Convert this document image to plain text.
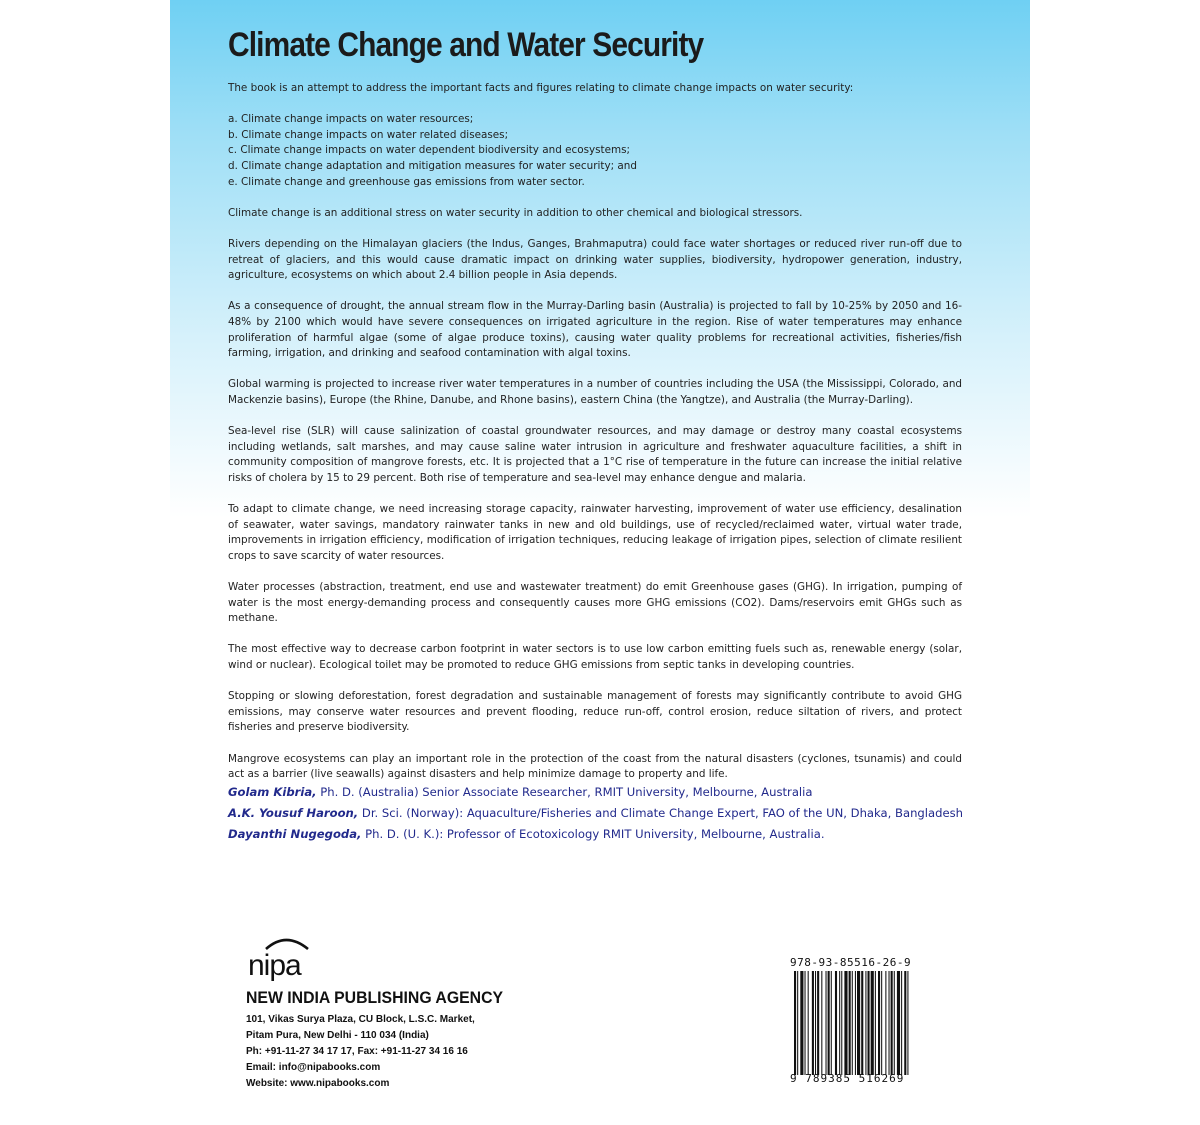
Climate Change and Water Security

The book is an attempt to address the important facts and figures relating to climate change impacts on water security:

a. Climate change impacts on water resources;
b. Climate change impacts on water related diseases;
c. Climate change impacts on water dependent biodiversity and ecosystems;
d. Climate change adaptation and mitigation measures for water security; and
e. Climate change and greenhouse gas emissions from water sector.

Climate change is an additional stress on water security in addition to other chemical and biological stressors.

Rivers depending on the Himalayan glaciers (the Indus, Ganges, Brahmaputra) could face water shortages or reduced river run-off due to retreat of glaciers, and this would cause dramatic impact on drinking water supplies, biodiversity, hydropower generation, industry, agriculture, ecosystems on which about 2.4 billion people in Asia depends.

As a consequence of drought, the annual stream flow in the Murray-Darling basin (Australia) is projected to fall by 10-25% by 2050 and 16-48% by 2100 which would have severe consequences on irrigated agriculture in the region. Rise of water temperatures may enhance proliferation of harmful algae (some of algae produce toxins), causing water quality problems for recreational activities, fisheries/fish farming, irrigation, and drinking and seafood contamination with algal toxins.

Global warming is projected to increase river water temperatures in a number of countries including the USA (the Mississippi, Colorado, and Mackenzie basins), Europe (the Rhine, Danube, and Rhone basins), eastern China (the Yangtze), and Australia (the Murray-Darling).

Sea-level rise (SLR) will cause salinization of coastal groundwater resources, and may damage or destroy many coastal ecosystems including wetlands, salt marshes, and may cause saline water intrusion in agriculture and freshwater aquaculture facilities, a shift in community composition of mangrove forests, etc. It is projected that a 1°C rise of temperature in the future can increase the initial relative risks of cholera by 15 to 29 percent. Both rise of temperature and sea-level may enhance dengue and malaria.

To adapt to climate change, we need increasing storage capacity, rainwater harvesting, improvement of water use efficiency, desalination of seawater, water savings, mandatory rainwater tanks in new and old buildings, use of recycled/reclaimed water, virtual water trade, improvements in irrigation efficiency, modification of irrigation techniques, reducing leakage of irrigation pipes, selection of climate resilient crops to save scarcity of water resources.

Water processes (abstraction, treatment, end use and wastewater treatment) do emit Greenhouse gases (GHG). In irrigation, pumping of water is the most energy-demanding process and consequently causes more GHG emissions (CO2). Dams/reservoirs emit GHGs such as methane.

The most effective way to decrease carbon footprint in water sectors is to use low carbon emitting fuels such as, renewable energy (solar, wind or nuclear). Ecological toilet may be promoted to reduce GHG emissions from septic tanks in developing countries.

Stopping or slowing deforestation, forest degradation and sustainable management of forests may significantly contribute to avoid GHG emissions, may conserve water resources and prevent flooding, reduce run-off, control erosion, reduce siltation of rivers, and protect fisheries and preserve biodiversity.

Mangrove ecosystems can play an important role in the protection of the coast from the natural disasters (cyclones, tsunamis) and could act as a barrier (live seawalls) against disasters and help minimize damage to property and life.

Golam Kibria, Ph. D. (Australia) Senior Associate Researcher, RMIT University, Melbourne, Australia
A.K. Yousuf Haroon, Dr. Sci. (Norway): Aquaculture/Fisheries and Climate Change Expert, FAO of the UN, Dhaka, Bangladesh
Dayanthi Nugegoda, Ph. D. (U. K.): Professor of Ecotoxicology RMIT University, Melbourne, Australia.
nipa
NEW INDIA PUBLISHING AGENCY
101, Vikas Surya Plaza, CU Block, L.S.C. Market,
Pitam Pura, New Delhi - 110 034 (India)
Ph: +91-11-27 34 17 17, Fax: +91-11-27 34 16 16
Email: info@nipabooks.com
Website: www.nipabooks.com
978-93-85516-26-9
9 789385 516269
